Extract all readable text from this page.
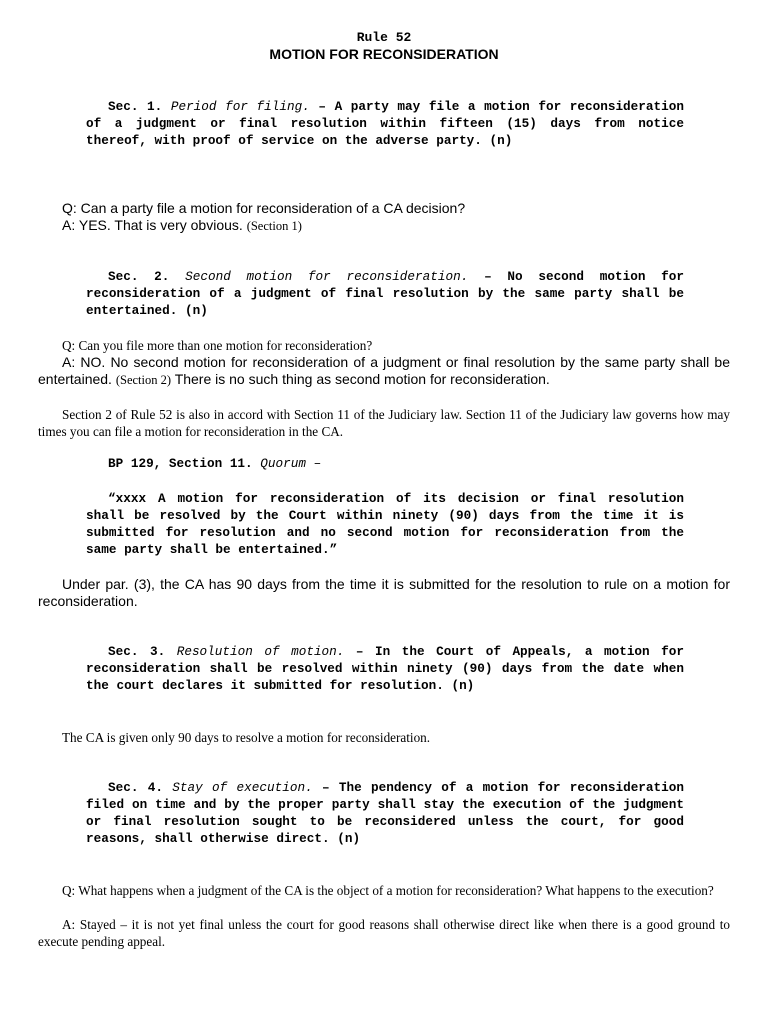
Rule 52
MOTION FOR RECONSIDERATION

Sec. 1. Period for filing. – A party may file a motion for reconsideration of a judgment or final resolution within fifteen (15) days from notice thereof, with proof of service on the adverse party. (n)

Q: Can a party file a motion for reconsideration of a CA decision?

A: YES. That is very obvious. (Section 1)

Sec. 2. Second motion for reconsideration. – No second motion for reconsideration of a judgment of final resolution by the same party shall be entertained. (n)

Q: Can you file more than one motion for reconsideration?

A: NO. No second motion for reconsideration of a judgment or final resolution by the same party shall be entertained. (Section 2) There is no such thing as second motion for reconsideration.

Section 2 of Rule 52 is also in accord with Section 11 of the Judiciary law. Section 11 of the Judiciary law governs how may times you can file a motion for reconsideration in the CA.

BP 129, Section 11. Quorum –

“xxxx A motion for reconsideration of its decision or final resolution shall be resolved by the Court within ninety (90) days from the time it is submitted for resolution and no second motion for reconsideration from the same party shall be entertained.”

Under par. (3), the CA has 90 days from the time it is submitted for the resolution to rule on a motion for reconsideration.

Sec. 3. Resolution of motion. – In the Court of Appeals, a motion for reconsideration shall be resolved within ninety (90) days from the date when the court declares it submitted for resolution. (n)

The CA is given only 90 days to resolve a motion for reconsideration.

Sec. 4. Stay of execution. – The pendency of a motion for reconsideration filed on time and by the proper party shall stay the execution of the judgment or final resolution sought to be reconsidered unless the court, for good reasons, shall otherwise direct. (n)

Q: What happens when a judgment of the CA is the object of a motion for reconsideration? What happens to the execution?

A: Stayed – it is not yet final unless the court for good reasons shall otherwise direct like when there is a good ground to execute pending appeal.
